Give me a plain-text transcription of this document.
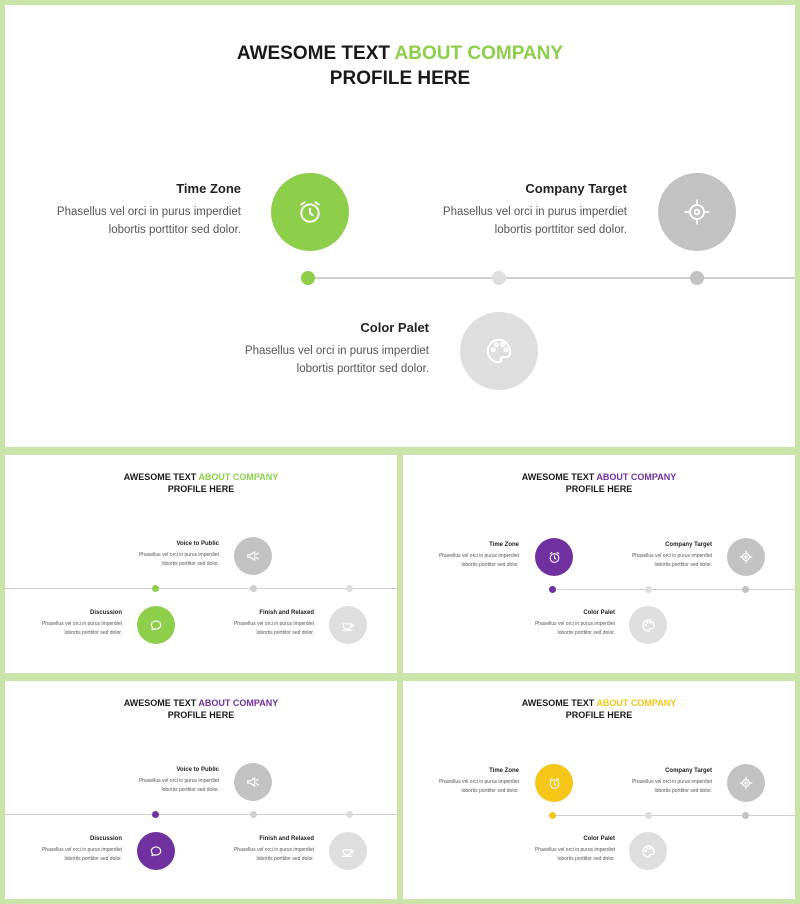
AWESOME TEXT ABOUT COMPANY
PROFILE HERE
Time Zone
Phasellus vel orci in purus imperdiet
lobortis porttitor sed dolor.
Company Target
Phasellus vel orci in purus imperdiet
lobortis porttitor sed dolor.
Color Palet
Phasellus vel orci in purus imperdiet
lobortis porttitor sed dolor.
AWESOME TEXT ABOUT COMPANY
PROFILE HERE
Voice to Public
Phasellus vel orci in purus imperdiet
lobortis porttitor sed dolor.
Discussion
Phasellus vel orci in purus imperdiet
lobortis porttitor sed dolor.
Finish and Relaxed
Phasellus vel orci in purus imperdiet
lobortis porttitor sed dolor.
AWESOME TEXT ABOUT COMPANY
PROFILE HERE
Time Zone
Phasellus vel orci in purus imperdiet
lobortis porttitor sed dolor.
Company Target
Phasellus vel orci in purus imperdiet
lobortis porttitor sed dolor.
Color Palet
Phasellus vel orci in purus imperdiet
lobortis porttitor sed dolor.
AWESOME TEXT ABOUT COMPANY
PROFILE HERE
Voice to Public
Phasellus vel orci in purus imperdiet
lobortis porttitor sed dolor.
Discussion
Phasellus vel orci in purus imperdiet
lobortis porttitor sed dolor.
Finish and Relaxed
Phasellus vel orci in purus imperdiet
lobortis porttitor sed dolor.
AWESOME TEXT ABOUT COMPANY
PROFILE HERE
Time Zone
Phasellus vel orci in purus imperdiet
lobortis porttitor sed dolor.
Company Target
Phasellus vel orci in purus imperdiet
lobortis porttitor sed dolor.
Color Palet
Phasellus vel orci in purus imperdiet
lobortis porttitor sed dolor.
